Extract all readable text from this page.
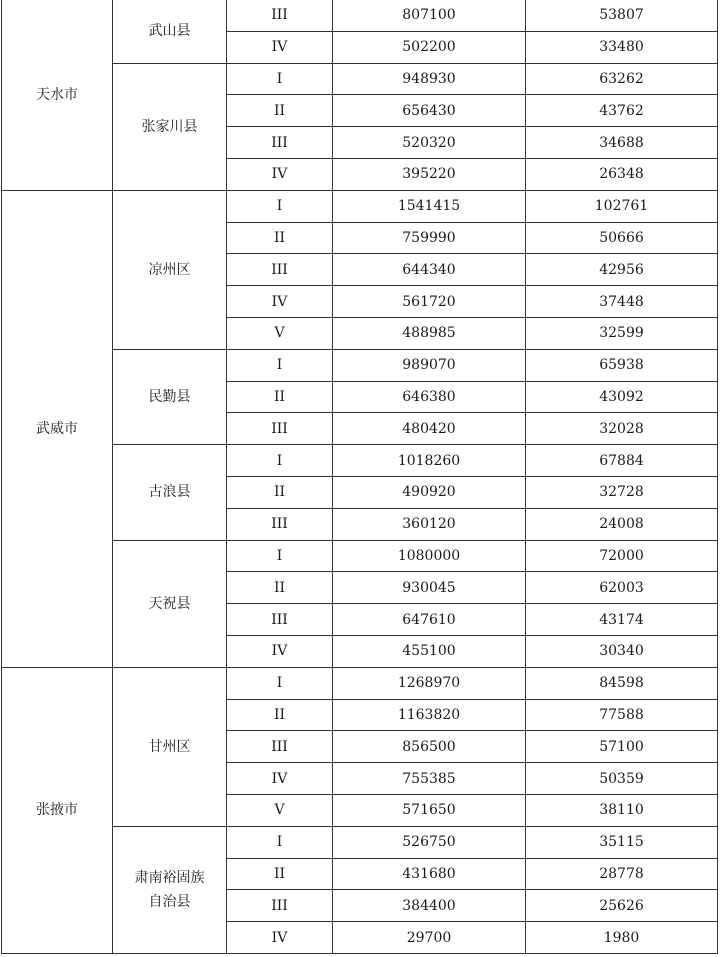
天水市	武山县	III	807100	53807
		IV	502200	33480
	张家川县	I	948930	63262
		II	656430	43762
		III	520320	34688
		IV	395220	26348
武威市	凉州区	I	1541415	102761
		II	759990	50666
		III	644340	42956
		IV	561720	37448
		V	488985	32599
	民勤县	I	989070	65938
		II	646380	43092
		III	480420	32028
	古浪县	I	1018260	67884
		II	490920	32728
		III	360120	24008
	天祝县	I	1080000	72000
		II	930045	62003
		III	647610	43174
		IV	455100	30340
张掖市	甘州区	I	1268970	84598
		II	1163820	77588
		III	856500	57100
		IV	755385	50359
		V	571650	38110
	肃南裕固族自治县	I	526750	35115
		II	431680	28778
		III	384400	25626
		IV	29700	1980
